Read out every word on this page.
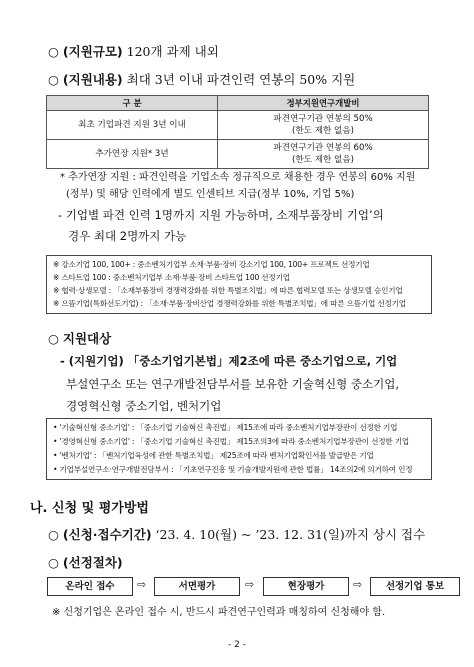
○ (지원규모) 120개 과제 내외
○ (지원내용) 최대 3년 이내 파견인력 연봉의 50% 지원
구 분	정부지원연구개발비
최초 기업파견 지원 3년 이내	파견연구기관 연봉의 50%
(한도 제한 없음)

추가연장 지원* 3년	파견연구기관 연봉의 60%
(한도 제한 없음)
* 추가연장 지원 : 파견인력을 기업소속 정규직으로 채용한 경우 연봉의 60% 지원
(정부) 및 해당 인력에게 별도 인센티브 지급(정부 10%, 기업 5%)
- 기업별 파견 인력 1명까지 지원 가능하며, 소재부품장비 기업’의
경우 최대 2명까지 가능
※ 강소기업 100, 100+ : 중소벤처기업부 소재·부품·장비 강소기업 100, 100+ 프로젝트 선정기업
※ 스타트업 100 : 중소벤처기업부 소재·부품·장비 스타트업 100 선정기업
※ 협력·상생모델 : 「소재부품장비 경쟁력강화를 위한 특별조치법」에 따른 협력모델 또는 상생모델 승인기업
※ 으뜸기업(특화선도기업) : 「소재·부품·장비산업 경쟁력강화를 위한 특별조치법」에 따른 으뜸기업 선정기업
○ 지원대상
- (지원기업) 「중소기업기본법」제2조에 따른 중소기업으로, 기업
부설연구소 또는 연구개발전담부서를 보유한 기술혁신형 중소기업,
경영혁신형 중소기업, 벤처기업
• '기술혁신형 중소기업' : 「중소기업 기술혁신 촉진법」 제15조에 따라 중소벤처기업부장관이 선정한 기업
• '경영혁신형 중소기업' : 「중소기업 기술혁신 촉진법」 제15조의3에 따라 중소벤처기업부장관이 선정한 기업
• '벤처기업' : 「벤처기업육성에 관한 특별조치법」 제25조에 따라 벤처기업확인서를 발급받은 기업
• 기업부설연구소·연구개발전담부서 : 「기초연구진흥 및 기술개발지원에 관한 법률」 14조의2에 의거하여 인정
나. 신청 및 평가방법
○ (신청·접수기간) ‘23. 4. 10(월) ~ ’23. 12. 31(일)까지 상시 접수
○ (선정절차)
온라인 접수	⇨	서면평가	⇨	현장평가	⇨	선정기업 통보
※ 신청기업은 온라인 접수 시, 반드시 파견연구인력과 매칭하여 신청해야 함.
- 2 -
